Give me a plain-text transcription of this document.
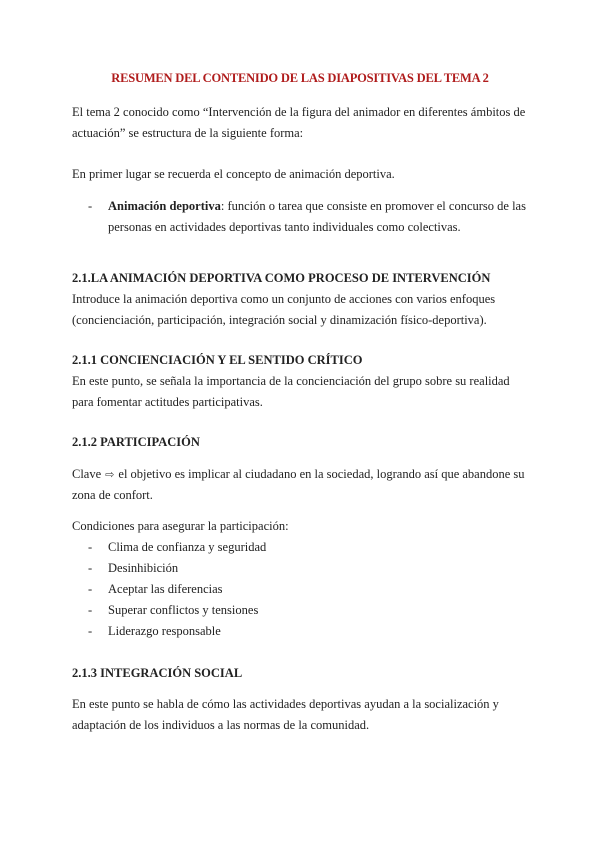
RESUMEN DEL CONTENIDO DE LAS DIAPOSITIVAS DEL TEMA 2
El tema 2 conocido como “Intervención de la figura del animador en diferentes ámbitos de actuación” se estructura de la siguiente forma:
En primer lugar se recuerda el concepto de animación deportiva.
- Animación deportiva: función o tarea que consiste en promover el concurso de las personas en actividades deportivas tanto individuales como colectivas.
2.1.LA ANIMACIÓN DEPORTIVA COMO PROCESO DE INTERVENCIÓN
Introduce la animación deportiva como un conjunto de acciones con varios enfoques (concienciación, participación, integración social y dinamización físico-deportiva).
2.1.1 CONCIENCIACIÓN Y EL SENTIDO CRÍTICO
En este punto, se señala la importancia de la concienciación del grupo sobre su realidad para fomentar actitudes participativas.
2.1.2 PARTICIPACIÓN
Clave ⇨ el objetivo es implicar al ciudadano en la sociedad, logrando así que abandone su zona de confort.
Condiciones para asegurar la participación:
- Clima de confianza y seguridad
- Desinhibición
- Aceptar las diferencias
- Superar conflictos y tensiones
- Liderazgo responsable
2.1.3 INTEGRACIÓN SOCIAL
En este punto se habla de cómo las actividades deportivas ayudan a la socialización y adaptación de los individuos a las normas de la comunidad.
